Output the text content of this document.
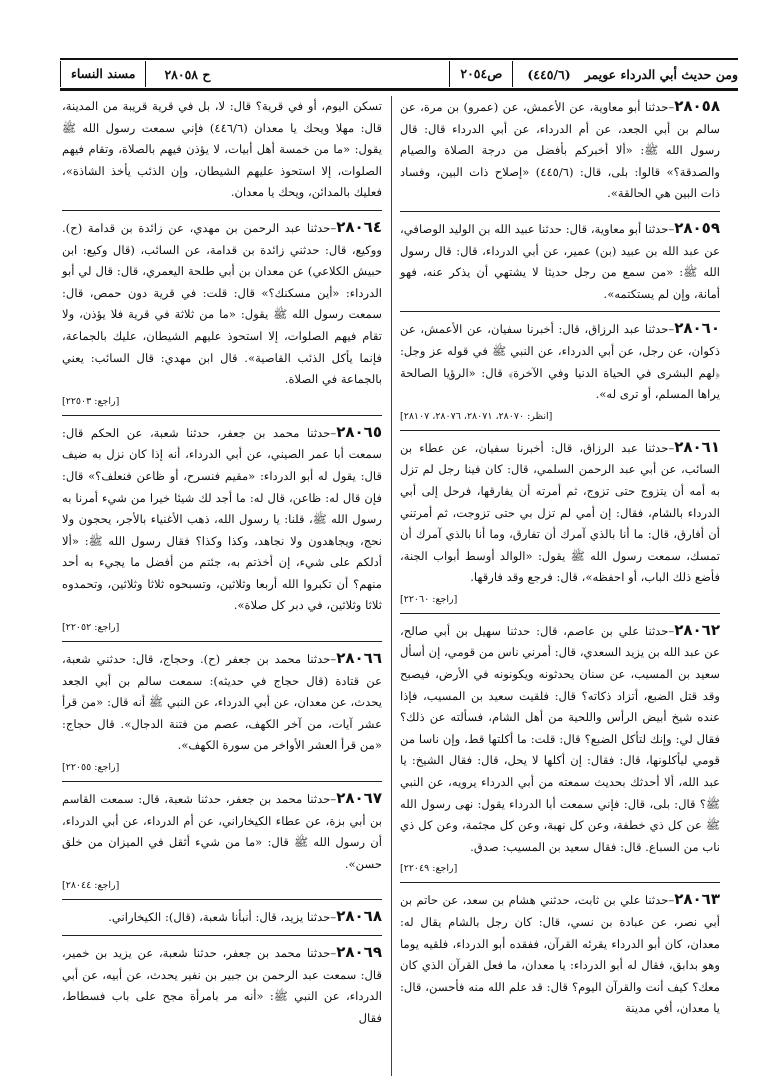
ح ٢٨٠٥٨
مسند النساء	ومن حديث أبي الدرداء عويمر
(٤٤٥/٦)
ص٢٠٥٤
٢٨٠٥٨–حدثنا أبو معاوية، عن الأعمش، عن (عمرو) بن مرة، عن سالم بن أبي الجعد، عن أم الدرداء، عن أبي الدرداء قال: قال رسول الله ﷺ: «ألا أخبركم بأفضل من درجة الصلاة والصيام والصدقة؟» قالوا: بلى، قال: (٤٤٥/٦) «إصلاح ذات البين، وفساد ذات البين هي الحالقة».
٢٨٠٥٩–حدثنا أبو معاوية، قال: حدثنا عبيد الله بن الوليد الوصافي، عن عبد الله بن عبيد (بن) عمير، عن أبي الدرداء، قال: قال رسول الله ﷺ: «من سمع من رجل حديثا لا يشتهي أن يذكر عنه، فهو أمانة، وإن لم يستكتمه».
٢٨٠٦٠–حدثنا عبد الرزاق، قال: أخبرنا سفيان، عن الأعمش، عن ذكوان، عن رجل، عن أبي الدرداء، عن النبي ﷺ في قوله عز وجل: ﴿لهم البشرى في الحياة الدنيا وفي الآخرة﴾ قال: «الرؤيا الصالحة يراها المسلم، أو ترى له».
[انظر: ٢٨٠٧٠، ٢٨٠٧١، ٢٨٠٧٦، ٢٨١٠٧]
٢٨٠٦١–حدثنا عبد الرزاق، قال: أخبرنا سفيان، عن عطاء بن السائب، عن أبي عبد الرحمن السلمي، قال: كان فينا رجل لم تزل به أمه أن يتزوج حتى تزوج، ثم أمرته أن يفارقها، فرحل إلى أبي الدرداء بالشام، فقال: إن أمي لم تزل بي حتى تزوجت، ثم أمرتني أن أفارق، قال: ما أنا بالذي آمرك أن تفارق، وما أنا بالذي آمرك أن تمسك، سمعت رسول الله ﷺ يقول: «الوالد أوسط أبواب الجنة، فأضع ذلك الباب، أو احفظه»، قال: فرجع وقد فارقها.
[راجع: ٢٢٠٦٠]
٢٨٠٦٢–حدثنا علي بن عاصم، قال: حدثنا سهيل بن أبي صالح، عن عبد الله بن يزيد السعدي، قال: أمرني ناس من قومي، إن أسأل سعيد بن المسيب، عن سنان يحدثونه ويكونونه في الأرض، فيصبح وقد قتل الضبع، أتزاد ذكاته؟ قال: فلقيت سعيد بن المسيب، فإذا عنده شيخ أبيض الرأس واللحية من أهل الشام، فسألته عن ذلك؟ فقال لي: وإنك لتأكل الضبع؟ قال: قلت: ما أكلتها قط، وإن ناسا من قومي ليأكلونها، قال: فقال: إن أكلها لا يحل، قال: فقال الشيخ: يا عبد الله، ألا أحدثك بحديث سمعته من أبي الدرداء يرويه، عن النبي ﷺ؟ قال: بلى، قال: فإني سمعت أبا الدرداء يقول: نهى رسول الله ﷺ عن كل ذي خطفة، وعن كل نهبة، وعن كل مجثمة، وعن كل ذي ناب من السباع. قال: فقال سعيد بن المسيب: صدق.
[راجع: ٢٢٠٤٩]
٢٨٠٦٣–حدثنا علي بن ثابت، حدثني هشام بن سعد، عن حاتم بن أبي نصر، عن عبادة بن نسي، قال: كان رجل بالشام يقال له: معدان، كان أبو الدرداء يقرئه القرآن، ففقده أبو الدرداء، فلقيه يوما وهو بدابق، فقال له أبو الدرداء: يا معدان، ما فعل القرآن الذي كان معك؟ كيف أنت والقرآن اليوم؟ قال: قد علم الله منه فأحسن، قال: يا معدان، أفي مدينة
تسكن اليوم، أو في قرية؟ قال: لا، بل في قرية قريبة من المدينة، قال: مهلا ويحك يا معدان (٤٤٦/٦) فإني سمعت رسول الله ﷺ يقول: «ما من خمسة أهل أبيات، لا يؤذن فيهم بالصلاة، وتقام فيهم الصلوات، إلا استحوذ عليهم الشيطان، وإن الذئب يأخذ الشاذة»، فعليك بالمدائن، ويحك يا معدان.
٢٨٠٦٤–حدثنا عبد الرحمن بن مهدي، عن زائدة بن قدامة (ح). ووكيع، قال: حدثني زائدة بن قدامة، عن السائب، (قال وكيع: ابن حبيش الكلاعي) عن معدان بن أبي طلحة اليعمري، قال: قال لي أبو الدرداء: «أين مسكنك؟» قال: قلت: في قرية دون حمص، قال: سمعت رسول الله ﷺ يقول: «ما من ثلاثة في قرية فلا يؤذن، ولا تقام فيهم الصلوات، إلا استحوذ عليهم الشيطان، عليك بالجماعة، فإنما يأكل الذئب القاصية». قال ابن مهدي: قال السائب: يعني بالجماعة في الصلاة.
[راجع: ٢٢٥٠٣]
٢٨٠٦٥–حدثنا محمد بن جعفر، حدثنا شعبة، عن الحكم قال: سمعت أبا عمر الصيني، عن أبي الدرداء، أنه إذا كان نزل به ضيف قال: يقول له أبو الدرداء: «مقيم فنسرح، أو ظاعن فنعلف؟» قال: فإن قال له: ظاعن، قال له: ما أجد لك شيئا خيرا من شيء أمرنا به رسول الله ﷺ، قلنا: يا رسول الله، ذهب الأغنياء بالأجر، يحجون ولا نحج، ويجاهدون ولا نجاهد، وكذا وكذا؟ فقال رسول الله ﷺ: «ألا أدلكم على شيء، إن أخذتم به، جئتم من أفضل ما يجيء به أحد منهم؟ أن تكبروا الله أربعا وثلاثين، وتسبحوه ثلاثا وثلاثين، وتحمدوه ثلاثا وثلاثين، في دبر كل صلاة».
[راجع: ٢٢٠٥٢]
٢٨٠٦٦–حدثنا محمد بن جعفر (ح). وحجاج، قال: حدثني شعبة، عن قتادة (قال حجاج في حديثه): سمعت سالم بن أبي الجعد يحدث، عن معدان، عن أبي الدرداء، عن النبي ﷺ أنه قال: «من قرأ عشر آيات، من آخر الكهف، عصم من فتنة الدجال». قال حجاج: «من قرأ العشر الأواخر من سورة الكهف».
[راجع: ٢٢٠٥٥]
٢٨٠٦٧–حدثنا محمد بن جعفر، حدثنا شعبة، قال: سمعت القاسم بن أبي بزة، عن عطاء الكيخاراني، عن أم الدرداء، عن أبي الدرداء، أن رسول الله ﷺ قال: «ما من شيء أثقل في الميزان من خلق حسن».
[راجع: ٢٨٠٤٤]
٢٨٠٦٨–حدثنا يزيد، قال: أنبأنا شعبة، (قال): الكيخاراني.
٢٨٠٦٩–حدثنا محمد بن جعفر، حدثنا شعبة، عن يزيد بن خمير، قال: سمعت عبد الرحمن بن جبير بن نفير يحدث، عن أبيه، عن أبي الدرداء، عن النبي ﷺ: «أنه مر بامرأة مجح على باب فسطاط، فقال
